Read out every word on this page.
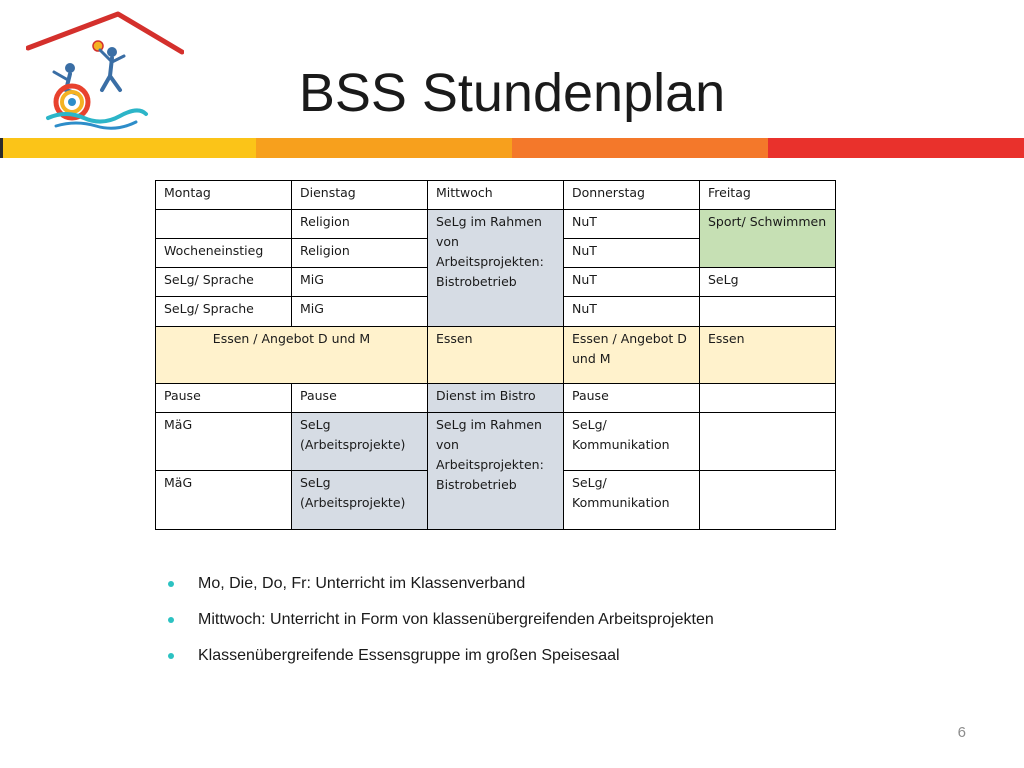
BSS Stundenplan
Montag	Dienstag	Mittwoch	Donnerstag	Freitag
	Religion	SeLg im Rahmen von Arbeitsprojekten: Bistrobetrieb	NuT	Sport/ Schwimmen
Wocheneinstieg	Religion		NuT	
SeLg/ Sprache	MiG		NuT	SeLg
SeLg/ Sprache	MiG		NuT	
Essen / Angebot D und M		Essen	Essen / Angebot D und M	Essen
Pause	Pause	Dienst im Bistro	Pause	
MäG	SeLg (Arbeitsprojekte)	SeLg im Rahmen von Arbeitsprojekten: Bistrobetrieb	SeLg/ Kommunikation	
MäG	SeLg (Arbeitsprojekte)		SeLg/ Kommunikation	
Mo, Die, Do, Fr: Unterricht im Klassenverband
Mittwoch: Unterricht in Form von klassenübergreifenden Arbeitsprojekten
Klassenübergreifende Essensgruppe im großen Speisesaal
6
